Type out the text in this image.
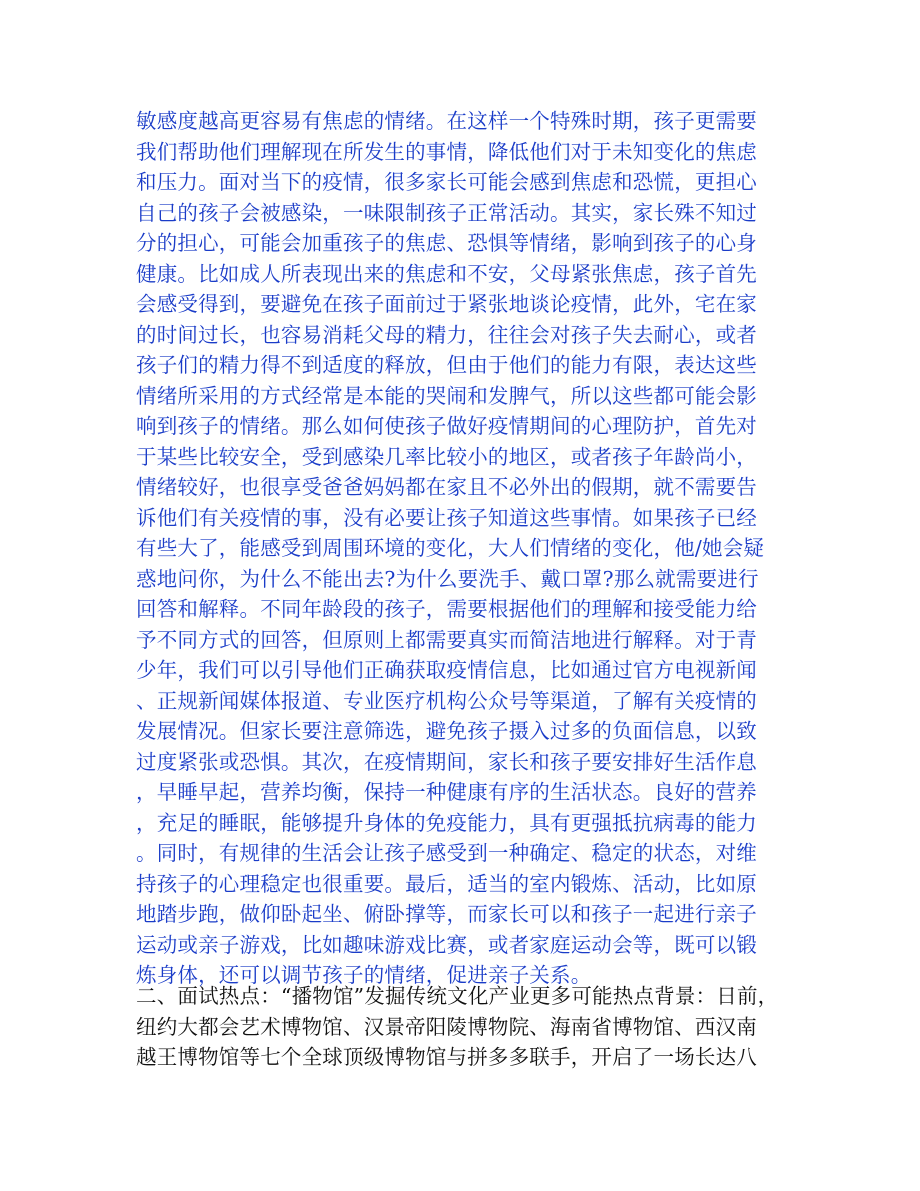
敏感度越高更容易有焦虑的情绪。在这样一个特殊时期，孩子更需要
我们帮助他们理解现在所发生的事情，降低他们对于未知变化的焦虑
和压力。面对当下的疫情，很多家长可能会感到焦虑和恐慌，更担心
自己的孩子会被感染，一味限制孩子正常活动。其实，家长殊不知过
分的担心，可能会加重孩子的焦虑、恐惧等情绪，影响到孩子的心身
健康。比如成人所表现出来的焦虑和不安，父母紧张焦虑，孩子首先
会感受得到，要避免在孩子面前过于紧张地谈论疫情，此外，宅在家
的时间过长，也容易消耗父母的精力，往往会对孩子失去耐心，或者
孩子们的精力得不到适度的释放，但由于他们的能力有限，表达这些
情绪所采用的方式经常是本能的哭闹和发脾气，所以这些都可能会影
响到孩子的情绪。那么如何使孩子做好疫情期间的心理防护，首先对
于某些比较安全，受到感染几率比较小的地区，或者孩子年龄尚小，
情绪较好，也很享受爸爸妈妈都在家且不必外出的假期，就不需要告
诉他们有关疫情的事，没有必要让孩子知道这些事情。如果孩子已经
有些大了，能感受到周围环境的变化，大人们情绪的变化，他/她会疑
惑地问你，为什么不能出去?为什么要洗手、戴口罩?那么就需要进行
回答和解释。不同年龄段的孩子，需要根据他们的理解和接受能力给
予不同方式的回答，但原则上都需要真实而简洁地进行解释。对于青
少年，我们可以引导他们正确获取疫情信息，比如通过官方电视新闻
、正规新闻媒体报道、专业医疗机构公众号等渠道，了解有关疫情的
发展情况。但家长要注意筛选，避免孩子摄入过多的负面信息，以致
过度紧张或恐惧。其次，在疫情期间，家长和孩子要安排好生活作息
，早睡早起，营养均衡，保持一种健康有序的生活状态。良好的营养
，充足的睡眠，能够提升身体的免疫能力，具有更强抵抗病毒的能力
。同时，有规律的生活会让孩子感受到一种确定、稳定的状态，对维
持孩子的心理稳定也很重要。最后，适当的室内锻炼、活动，比如原
地踏步跑，做仰卧起坐、俯卧撑等，而家长可以和孩子一起进行亲子
运动或亲子游戏，比如趣味游戏比赛，或者家庭运动会等，既可以锻
炼身体，还可以调节孩子的情绪，促进亲子关系。
二、面试热点：“播物馆”发掘传统文化产业更多可能热点背景：日前，
纽约大都会艺术博物馆、汉景帝阳陵博物院、海南省博物馆、西汉南
越王博物馆等七个全球顶级博物馆与拼多多联手，开启了一场长达八
